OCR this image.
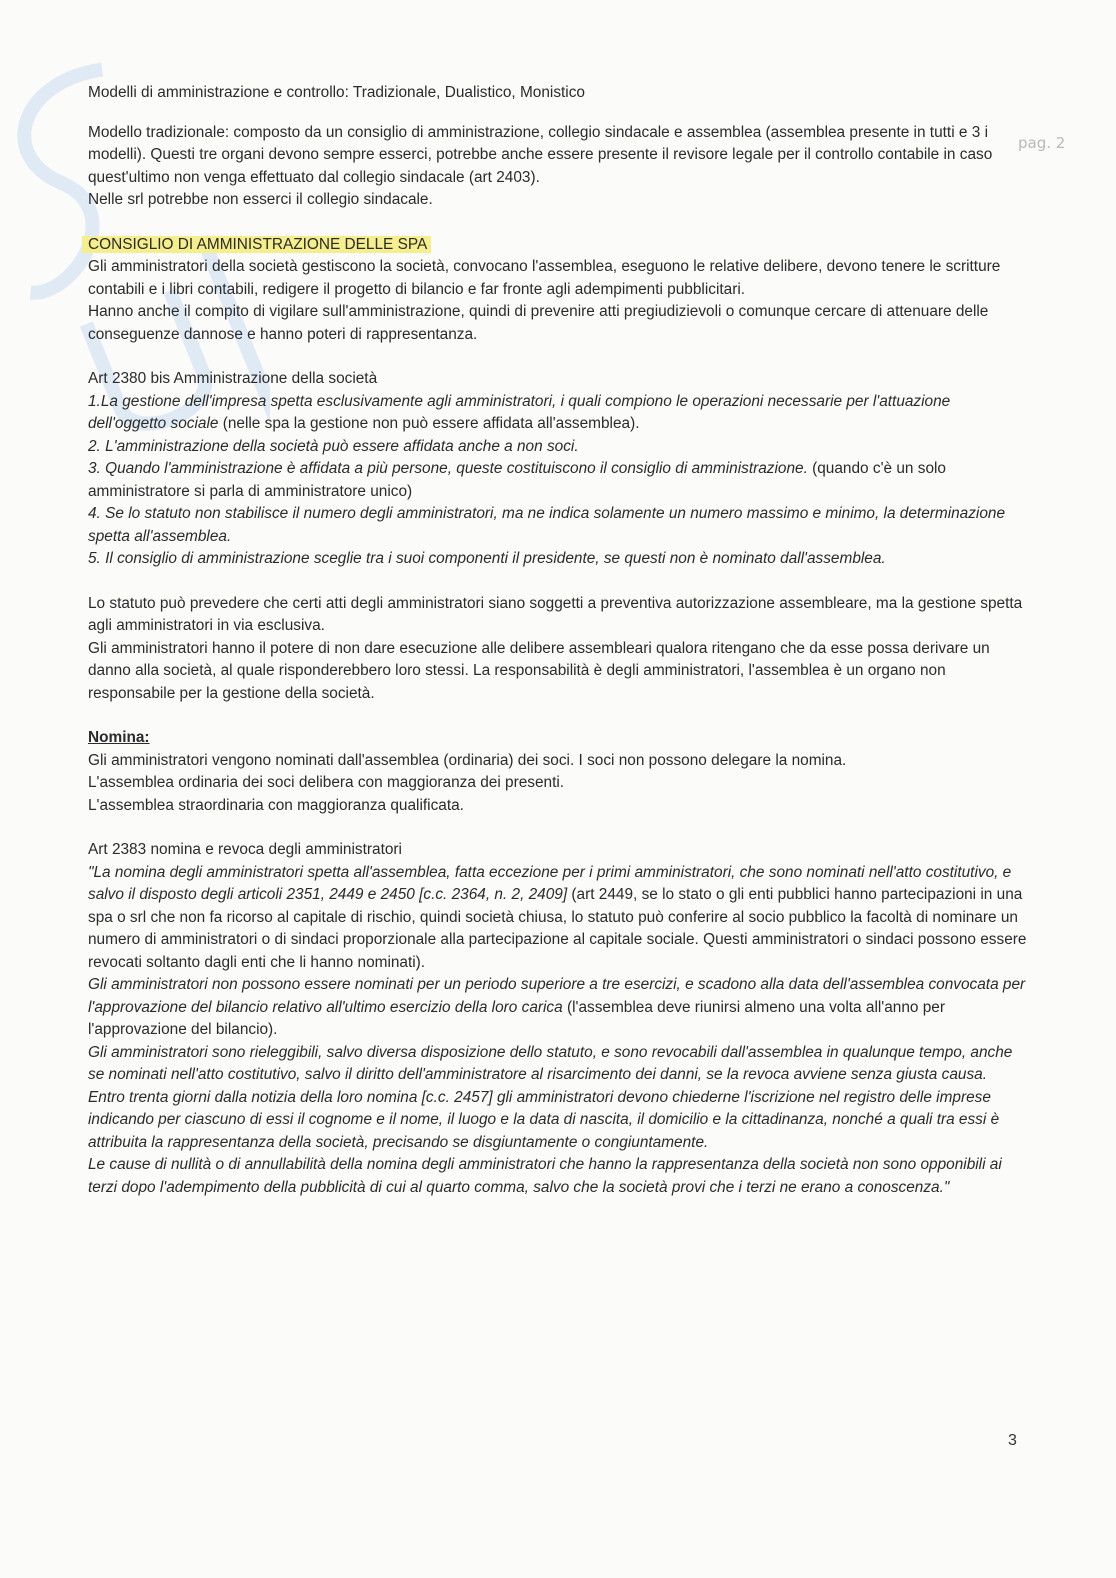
pag. 2

Modelli di amministrazione e controllo: Tradizionale, Dualistico, Monistico

Modello tradizionale: composto da un consiglio di amministrazione, collegio sindacale e assemblea (assemblea presente in tutti e 3 i modelli). Questi tre organi devono sempre esserci, potrebbe anche essere presente il revisore legale per il controllo contabile in caso quest'ultimo non venga effettuato dal collegio sindacale (art 2403).

Nelle srl potrebbe non esserci il collegio sindacale.

CONSIGLIO DI AMMINISTRAZIONE DELLE SPA

Gli amministratori della società gestiscono la società, convocano l'assemblea, eseguono le relative delibere, devono tenere le scritture contabili e i libri contabili, redigere il progetto di bilancio e far fronte agli adempimenti pubblicitari.

Hanno anche il compito di vigilare sull'amministrazione, quindi di prevenire atti pregiudizievoli o comunque cercare di attenuare delle conseguenze dannose e hanno poteri di rappresentanza.

Art 2380 bis Amministrazione della società

1.La gestione dell'impresa spetta esclusivamente agli amministratori, i quali compiono le operazioni necessarie per l'attuazione dell'oggetto sociale (nelle spa la gestione non può essere affidata all'assemblea).

2. L'amministrazione della società può essere affidata anche a non soci.

3. Quando l'amministrazione è affidata a più persone, queste costituiscono il consiglio di amministrazione. (quando c'è un solo amministratore si parla di amministratore unico)

4. Se lo statuto non stabilisce il numero degli amministratori, ma ne indica solamente un numero massimo e minimo, la determinazione spetta all'assemblea.

5. Il consiglio di amministrazione sceglie tra i suoi componenti il presidente, se questi non è nominato dall'assemblea.

Lo statuto può prevedere che certi atti degli amministratori siano soggetti a preventiva autorizzazione assembleare, ma la gestione spetta agli amministratori in via esclusiva.

Gli amministratori hanno il potere di non dare esecuzione alle delibere assembleari qualora ritengano che da esse possa derivare un danno alla società, al quale risponderebbero loro stessi. La responsabilità è degli amministratori, l'assemblea è un organo non responsabile per la gestione della società.

Nomina:

Gli amministratori vengono nominati dall'assemblea (ordinaria) dei soci. I soci non possono delegare la nomina.

L'assemblea ordinaria dei soci delibera con maggioranza dei presenti.

L'assemblea straordinaria con maggioranza qualificata.

Art 2383 nomina e revoca degli amministratori

"La nomina degli amministratori spetta all'assemblea, fatta eccezione per i primi amministratori, che sono nominati nell'atto costitutivo, e salvo il disposto degli articoli 2351, 2449 e 2450 [c.c. 2364, n. 2, 2409] (art 2449, se lo stato o gli enti pubblici hanno partecipazioni in una spa o srl che non fa ricorso al capitale di rischio, quindi società chiusa, lo statuto può conferire al socio pubblico la facoltà di nominare un numero di amministratori o di sindaci proporzionale alla partecipazione al capitale sociale. Questi amministratori o sindaci possono essere revocati soltanto dagli enti che li hanno nominati).

Gli amministratori non possono essere nominati per un periodo superiore a tre esercizi, e scadono alla data dell'assemblea convocata per l'approvazione del bilancio relativo all'ultimo esercizio della loro carica (l'assemblea deve riunirsi almeno una volta all'anno per l'approvazione del bilancio).

Gli amministratori sono rieleggibili, salvo diversa disposizione dello statuto, e sono revocabili dall'assemblea in qualunque tempo, anche se nominati nell'atto costitutivo, salvo il diritto dell'amministratore al risarcimento dei danni, se la revoca avviene senza giusta causa.

Entro trenta giorni dalla notizia della loro nomina [c.c. 2457] gli amministratori devono chiederne l'iscrizione nel registro delle imprese indicando per ciascuno di essi il cognome e il nome, il luogo e la data di nascita, il domicilio e la cittadinanza, nonché a quali tra essi è attribuita la rappresentanza della società, precisando se disgiuntamente o congiuntamente.

Le cause di nullità o di annullabilità della nomina degli amministratori che hanno la rappresentanza della società non sono opponibili ai terzi dopo l'adempimento della pubblicità di cui al quarto comma, salvo che la società provi che i terzi ne erano a conoscenza."

3
